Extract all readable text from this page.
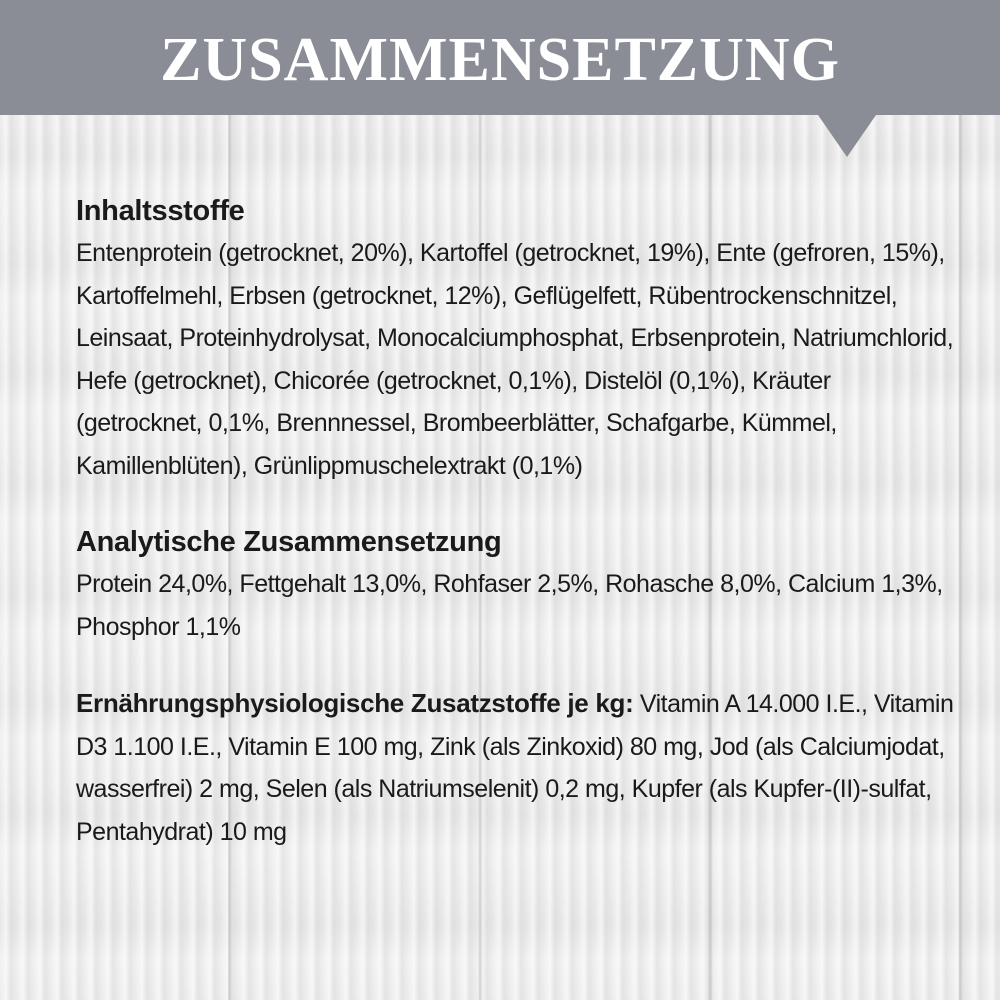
ZUSAMMENSETZUNG
Inhaltsstoffe

Entenprotein (getrocknet, 20%), Kartoffel (getrocknet, 19%), Ente (gefroren, 15%), Kartoffelmehl, Erbsen (getrocknet, 12%), Geflügelfett, Rübentrockenschnitzel, Leinsaat, Proteinhydrolysat, Monocalciumphosphat, Erbsenprotein, Natriumchlorid, Hefe (getrocknet), Chicorée (getrocknet, 0,1%), Distelöl (0,1%), Kräuter (getrocknet, 0,1%, Brennnessel, Brombeerblätter, Schafgarbe, Kümmel, Kamillenblüten), Grünlippmuschelextrakt (0,1%)

Analytische Zusammensetzung

Protein 24,0%, Fettgehalt 13,0%, Rohfaser 2,5%, Rohasche 8,0%, Calcium 1,3%, Phosphor 1,1%

Ernährungsphysiologische Zusatzstoffe je kg: Vitamin A 14.000 I.E., Vitamin D3 1.100 I.E., Vitamin E 100 mg, Zink (als Zinkoxid) 80 mg, Jod (als Calciumjodat, wasserfrei) 2 mg, Selen (als Natriumselenit) 0,2 mg, Kupfer (als Kupfer-(II)-sulfat, Pentahydrat) 10 mg
